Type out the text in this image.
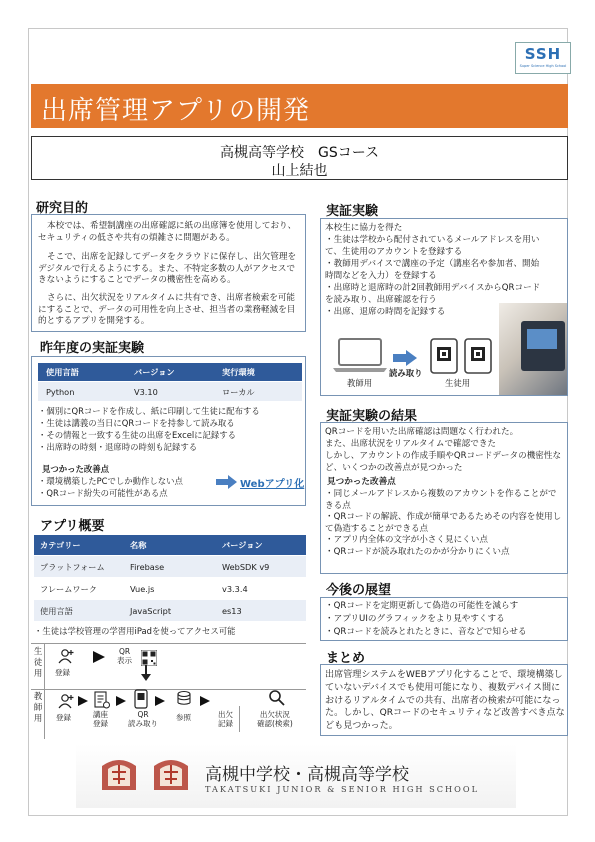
SSH
Super Science High School
出席管理アプリの開発
高槻高等学校　GSコース
山上結也
研究目的
本校では、希望制講座の出席確認に紙の出席簿を使用しており、セキュリティの低さや共有の煩雑さに問題がある。
そこで、出席を記録してデータをクラウドに保存し、出欠管理をデジタルで行えるようにする。また、不特定多数の人がアクセスできないようにすることでデータの機密性を高める。
さらに、出欠状況をリアルタイムに共有でき、出席者検索を可能にすることで、データの可用性を向上させ、担当者の業務軽減を目的とするアプリを開発する。
昨年度の実証実験
使用言語	バージョン	実行環境
Python	V3.10	ローカル
・個別にQRコードを作成し、紙に印刷して生徒に配布する
・生徒は講義の当日にQRコードを持参して読み取る
・その情報と一致する生徒の出席をExcelに記録する
・出席時の時刻・退席時の時刻も記録する
見つかった改善点
・環境構築したPCでしか動作しない点
・QRコード紛失の可能性がある点
Webアプリ化
アプリ概要
カテゴリー	名称	バージョン
プラットフォーム	Firebase	WebSDK v9
フレームワーク	Vue.js	v3.3.4
使用言語	JavaScript	es13
・生徒は学校管理の学習用iPadを使ってアクセス可能
生徒用 登録
QR
表示
教師用 登録	講座
登録
QR
読み取り
参照	出欠
記録
出欠状況
確認(検索)
実証実験
本校生に協力を得た
・生徒は学校から配付されているメールアドレスを用いて、生徒用のアカウントを登録する
・教師用デバイスで講座の予定（講座名や参加者、開始時間などを入力）を登録する
・出席時と退席時の計2回教師用デバイスからQRコードを読み取り、出席確認を行う
・出席、退席の時間を記録する
教師用
読み取り
生徒用
実証実験の結果
QRコードを用いた出席確認は問題なく行われた。
また、出席状況をリアルタイムで確認できた
しかし、アカウントの作成手順やQRコードデータの機密性など、いくつかの改善点が見つかった
見つかった改善点
・同じメールアドレスから複数のアカウントを作ることができる点
・QRコードの解読、作成が簡単であるためその内容を使用して偽造することができる点
・アプリ内全体の文字が小さく見にくい点
・QRコードが読み取れたのかが分かりにくい点
今後の展望
・QRコードを定期更新して偽造の可能性を減らす
・アプリUIのグラフィックをより見やすくする
・QRコードを読みとれたときに、音などで知らせる
まとめ
出席管理システムをWEBアプリ化することで、環境構築していないデバイスでも使用可能になり、複数デバイス間におけるリアルタイムでの共有、出席者の検索が可能になった。しかし、QRコードのセキュリティなど改善すべき点なども見つかった。
高槻中学校・高槻高等学校
TAKATSUKI JUNIOR & SENIOR HIGH SCHOOL
